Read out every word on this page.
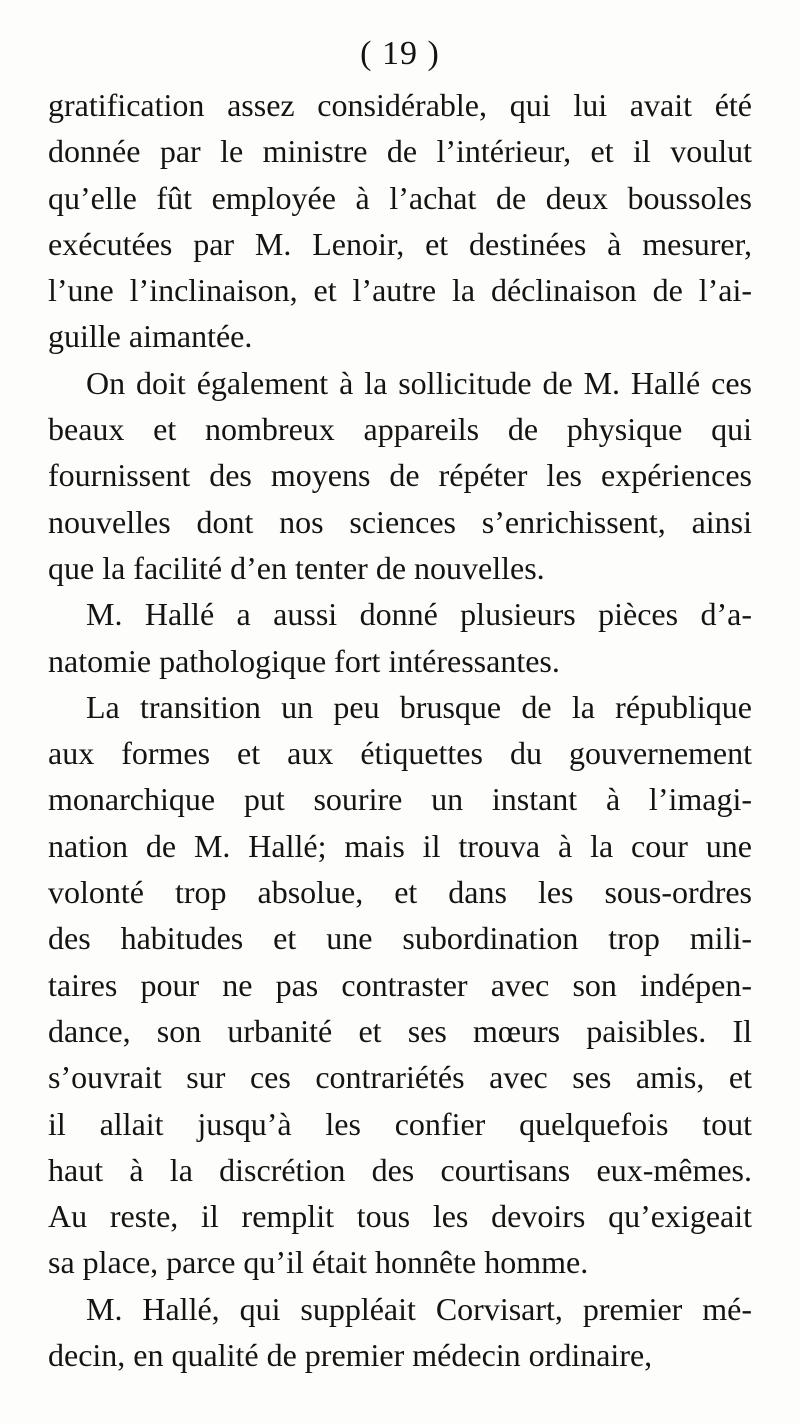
( 19 )
gratification assez considérable, qui lui avait été
donnée par le ministre de l’intérieur, et il voulut
qu’elle fût employée à l’achat de deux boussoles
exécutées par M. Lenoir, et destinées à mesurer,
l’une l’inclinaison, et l’autre la déclinaison de l’ai-
guille aimantée.
On doit également à la sollicitude de M. Hallé ces
beaux et nombreux appareils de physique qui
fournissent des moyens de répéter les expériences
nouvelles dont nos sciences s’enrichissent, ainsi
que la facilité d’en tenter de nouvelles.
M. Hallé a aussi donné plusieurs pièces d’a-
natomie pathologique fort intéressantes.
La transition un peu brusque de la république
aux formes et aux étiquettes du gouvernement
monarchique put sourire un instant à l’imagi-
nation de M. Hallé; mais il trouva à la cour une
volonté trop absolue, et dans les sous-ordres
des habitudes et une subordination trop mili-
taires pour ne pas contraster avec son indépen-
dance, son urbanité et ses mœurs paisibles. Il
s’ouvrait sur ces contrariétés avec ses amis, et
il allait jusqu’à les confier quelquefois tout
haut à la discrétion des courtisans eux-mêmes.
Au reste, il remplit tous les devoirs qu’exigeait
sa place, parce qu’il était honnête homme.
M. Hallé, qui suppléait Corvisart, premier mé-
decin, en qualité de premier médecin ordinaire,
